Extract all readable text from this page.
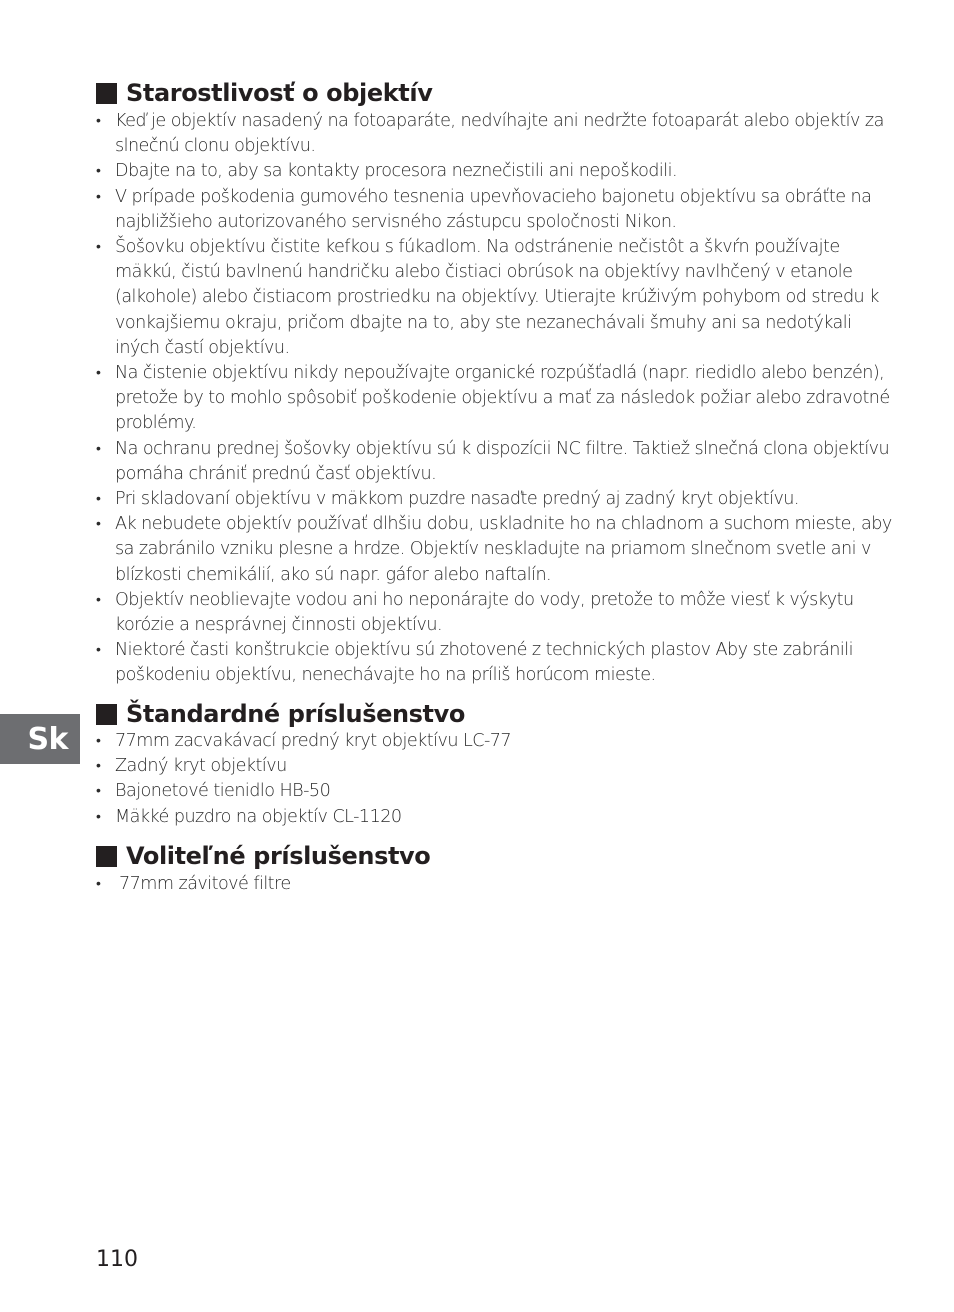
Starostlivosť o objektív
• Keď je objektív nasadený na fotoaparáte, nedvíhajte ani nedržte fotoaparát alebo objektív za slnečnú clonu objektívu.
• Dbajte na to, aby sa kontakty procesora neznečistili ani nepoškodili.
• V prípade poškodenia gumového tesnenia upevňovacieho bajonetu objektívu sa obráťte na najbližšieho autorizovaného servisného zástupcu spoločnosti Nikon.
• Šošovku objektívu čistite kefkou s fúkadlom. Na odstránenie nečistôt a škvŕn používajte mäkkú, čistú bavlnenú handričku alebo čistiaci obrúsok na objektívy navlhčený v etanole (alkohole) alebo čistiacom prostriedku na objektívy. Utierajte krúživým pohybom od stredu k vonkajšiemu okraju, pričom dbajte na to, aby ste nezanechávali šmuhy ani sa nedotýkali iných častí objektívu.
• Na čistenie objektívu nikdy nepoužívajte organické rozpúšťadlá (napr. riedidlo alebo benzén), pretože by to mohlo spôsobiť poškodenie objektívu a mať za následok požiar alebo zdravotné problémy.
• Na ochranu prednej šošovky objektívu sú k dispozícii NC filtre. Taktiež slnečná clona objektívu pomáha chrániť prednú časť objektívu.
• Pri skladovaní objektívu v mäkkom puzdre nasaďte predný aj zadný kryt objektívu.
• Ak nebudete objektív používať dlhšiu dobu, uskladnite ho na chladnom a suchom mieste, aby sa zabránilo vzniku plesne a hrdze. Objektív neskladujte na priamom slnečnom svetle ani v blízkosti chemikálií, ako sú napr. gáfor alebo naftalín.
• Objektív neoblievajte vodou ani ho neponárajte do vody, pretože to môže viesť k výskytu korózie a nesprávnej činnosti objektívu.
• Niektoré časti konštrukcie objektívu sú zhotovené z technických plastov Aby ste zabránili poškodeniu objektívu, nenechávajte ho na príliš horúcom mieste.
Štandardné príslušenstvo
• 77mm zacvakávací predný kryt objektívu LC-77
• Zadný kryt objektívu
• Bajonetové tienidlo HB-50
• Mäkké puzdro na objektív CL-1120
Voliteľné príslušenstvo
•	77mm závitové filtre
Sk
110
